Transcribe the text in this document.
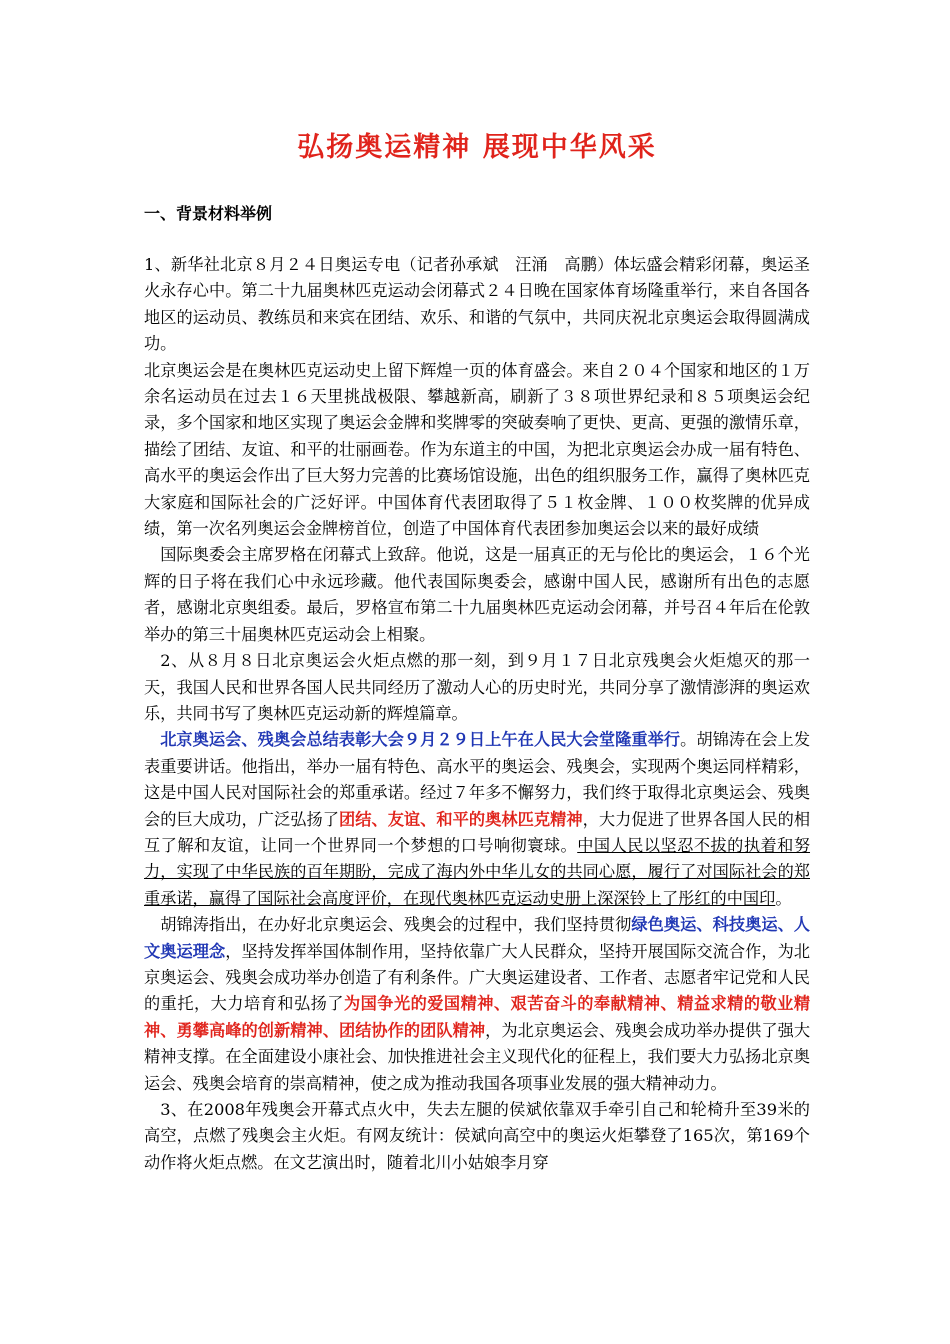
弘扬奥运精神 展现中华风采
一、背景材料举例

1、新华社北京８月２４日奥运专电（记者孙承斌　汪涌　高鹏）体坛盛会精彩闭幕，奥运圣火永存心中。第二十九届奥林匹克运动会闭幕式２４日晚在国家体育场隆重举行，来自各国各地区的运动员、教练员和来宾在团结、欢乐、和谐的气氛中，共同庆祝北京奥运会取得圆满成功。

北京奥运会是在奥林匹克运动史上留下辉煌一页的体育盛会。来自２０４个国家和地区的１万余名运动员在过去１６天里挑战极限、攀越新高，刷新了３８项世界纪录和８５项奥运会纪录，多个国家和地区实现了奥运会金牌和奖牌零的突破奏响了更快、更高、更强的激情乐章，描绘了团结、友谊、和平的壮丽画卷。作为东道主的中国，为把北京奥运会办成一届有特色、高水平的奥运会作出了巨大努力完善的比赛场馆设施，出色的组织服务工作，赢得了奥林匹克大家庭和国际社会的广泛好评。中国体育代表团取得了５１枚金牌、１００枚奖牌的优异成绩，第一次名列奥运会金牌榜首位，创造了中国体育代表团参加奥运会以来的最好成绩

国际奥委会主席罗格在闭幕式上致辞。他说，这是一届真正的无与伦比的奥运会，１６个光辉的日子将在我们心中永远珍藏。他代表国际奥委会，感谢中国人民，感谢所有出色的志愿者，感谢北京奥组委。最后，罗格宣布第二十九届奥林匹克运动会闭幕，并号召４年后在伦敦举办的第三十届奥林匹克运动会上相聚。

2、从８月８日北京奥运会火炬点燃的那一刻，到９月１７日北京残奥会火炬熄灭的那一天，我国人民和世界各国人民共同经历了激动人心的历史时光，共同分享了激情澎湃的奥运欢乐，共同书写了奥林匹克运动新的辉煌篇章。

北京奥运会、残奥会总结表彰大会９月２９日上午在人民大会堂隆重举行。胡锦涛在会上发表重要讲话。他指出，举办一届有特色、高水平的奥运会、残奥会，实现两个奥运同样精彩，这是中国人民对国际社会的郑重承诺。经过７年多不懈努力，我们终于取得北京奥运会、残奥会的巨大成功，广泛弘扬了团结、友谊、和平的奥林匹克精神，大力促进了世界各国人民的相互了解和友谊，让同一个世界同一个梦想的口号响彻寰球。中国人民以坚忍不拔的执着和努力，实现了中华民族的百年期盼，完成了海内外中华儿女的共同心愿，履行了对国际社会的郑重承诺，赢得了国际社会高度评价，在现代奥林匹克运动史册上深深铃上了彤红的中国印。

胡锦涛指出，在办好北京奥运会、残奥会的过程中，我们坚持贯彻绿色奥运、科技奥运、人文奥运理念，坚持发挥举国体制作用，坚持依靠广大人民群众，坚持开展国际交流合作，为北京奥运会、残奥会成功举办创造了有利条件。广大奥运建设者、工作者、志愿者牢记党和人民的重托，大力培育和弘扬了为国争光的爱国精神、艰苦奋斗的奉献精神、精益求精的敬业精神、勇攀高峰的创新精神、团结协作的团队精神，为北京奥运会、残奥会成功举办提供了强大精神支撑。在全面建设小康社会、加快推进社会主义现代化的征程上，我们要大力弘扬北京奥运会、残奥会培育的崇高精神，使之成为推动我国各项事业发展的强大精神动力。

3、在2008年残奥会开幕式点火中，失去左腿的侯斌依靠双手牵引自己和轮椅升至39米的高空，点燃了残奥会主火炬。有网友统计：侯斌向高空中的奥运火炬攀登了165次，第169个动作将火炬点燃。在文艺演出时，随着北川小姑娘李月穿
